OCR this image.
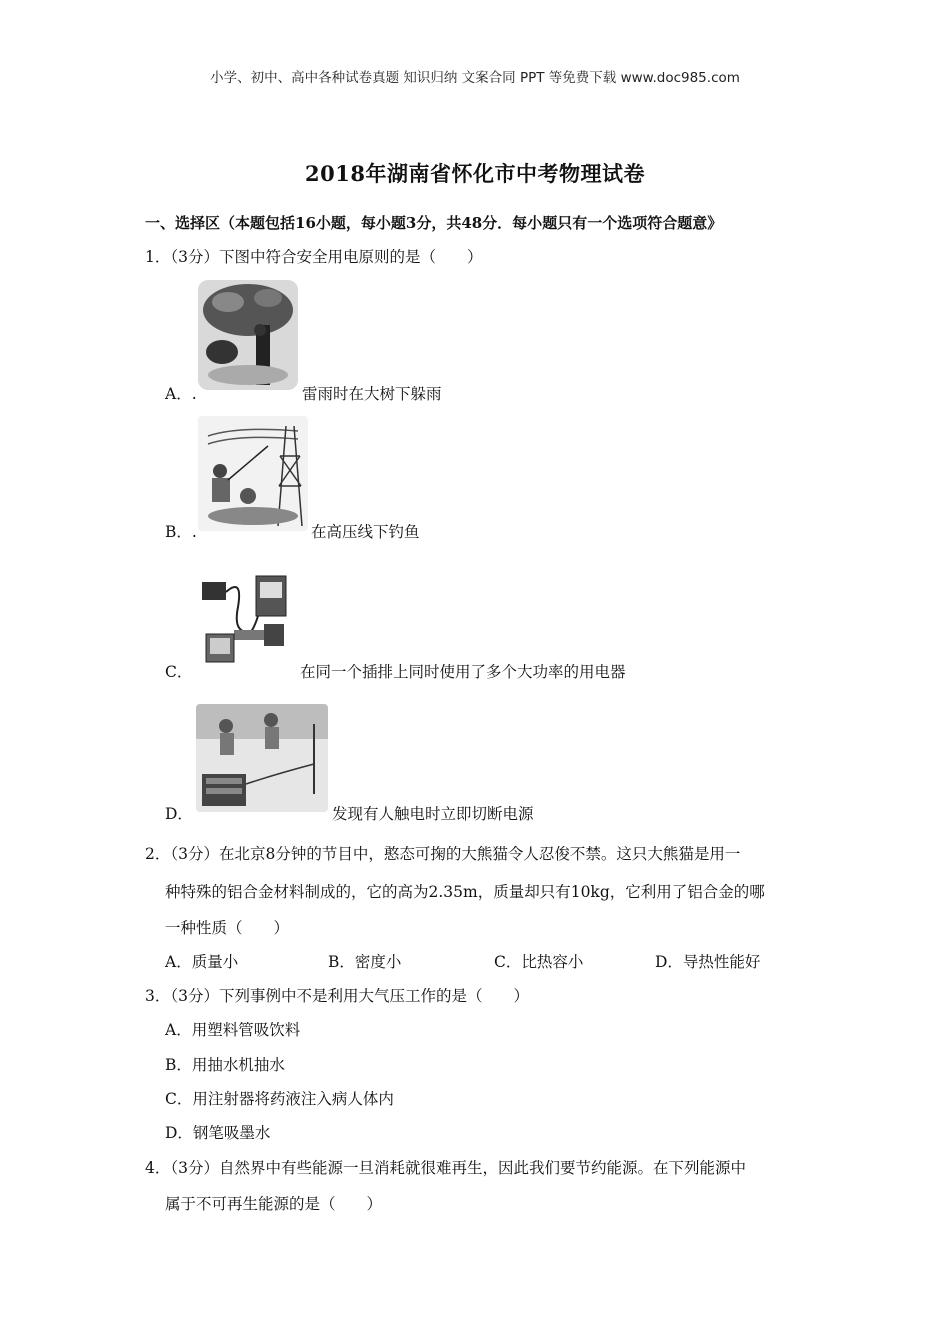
小学、初中、高中各种试卷真题 知识归纳 文案合同 PPT 等免费下载 www.doc985.com
2018年湖南省怀化市中考物理试卷
一、选择区（本题包括16小题，每小题3分，共48分．每小题只有一个选项符合题意》
1．（3分）下图中符合安全用电原则的是（　　）
A．.	雷雨时在大树下躲雨
B．.	在高压线下钓鱼
C．	在同一个插排上同时使用了多个大功率的用电器
D．	发现有人触电时立即切断电源
2．（3分）在北京8分钟的节目中，憨态可掬的大熊猫令人忍俊不禁。这只大熊猫是用一
种特殊的铝合金材料制成的，它的高为2.35m，质量却只有10kg，它利用了铝合金的哪
一种性质（　　）
A．质量小	B．密度小	C．比热容小	D．导热性能好
3．（3分）下列事例中不是利用大气压工作的是（　　）
A．用塑料管吸饮料
B．用抽水机抽水
C．用注射器将药液注入病人体内
D．钢笔吸墨水
4．（3分）自然界中有些能源一旦消耗就很难再生，因此我们要节约能源。在下列能源中
属于不可再生能源的是（　　）
